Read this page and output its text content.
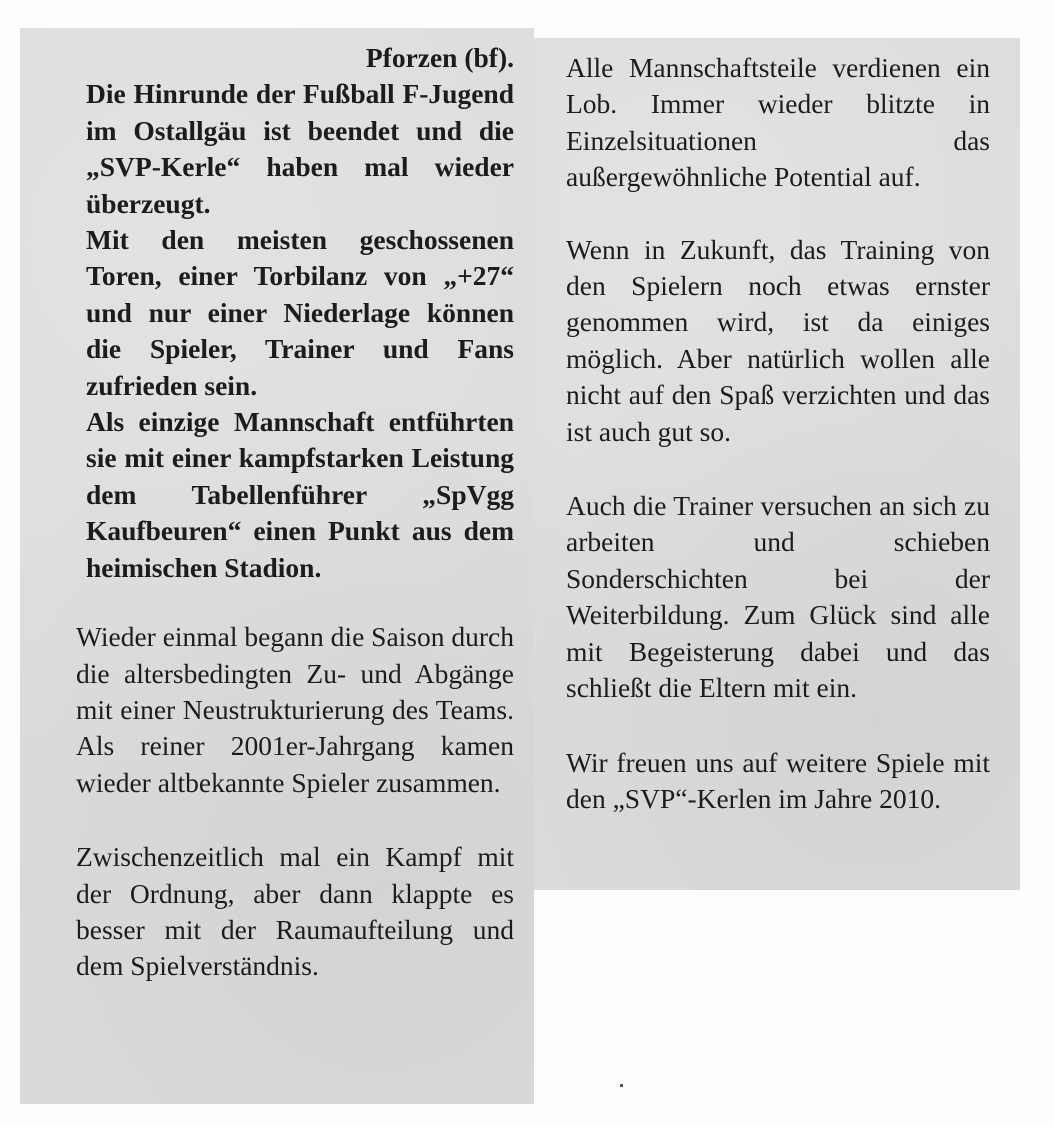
Pforzen (bf).

Die Hinrunde der Fußball F-Jugend im Ostallgäu ist beendet und die „SVP-Kerle“ haben mal wieder überzeugt.

Mit den meisten geschossenen Toren, einer Torbilanz von „+27“ und nur einer Niederlage können die Spieler, Trainer und Fans zufrieden sein.

Als einzige Mannschaft entführten sie mit einer kampfstarken Leistung dem Tabellenführer „SpVgg Kaufbeuren“ einen Punkt aus dem heimischen Stadion.

Wieder einmal begann die Saison durch die altersbedingten Zu- und Abgänge mit einer Neustrukturierung des Teams. Als reiner 2001er-Jahrgang kamen wieder altbekannte Spieler zusammen.

Zwischenzeitlich mal ein Kampf mit der Ordnung, aber dann klappte es besser mit der Raumaufteilung und dem Spielverständnis.

Alle Mannschaftsteile verdienen ein Lob. Immer wieder blitzte in Einzelsituationen das außergewöhnliche Potential auf.

Wenn in Zukunft, das Training von den Spielern noch etwas ernster genommen wird, ist da einiges möglich. Aber natürlich wollen alle nicht auf den Spaß verzichten und das ist auch gut so.

Auch die Trainer versuchen an sich zu arbeiten und schieben Sonderschichten bei der Weiterbildung. Zum Glück sind alle mit Begeisterung dabei und das schließt die Eltern mit ein.

Wir freuen uns auf weitere Spiele mit den „SVP“-Kerlen im Jahre 2010.
